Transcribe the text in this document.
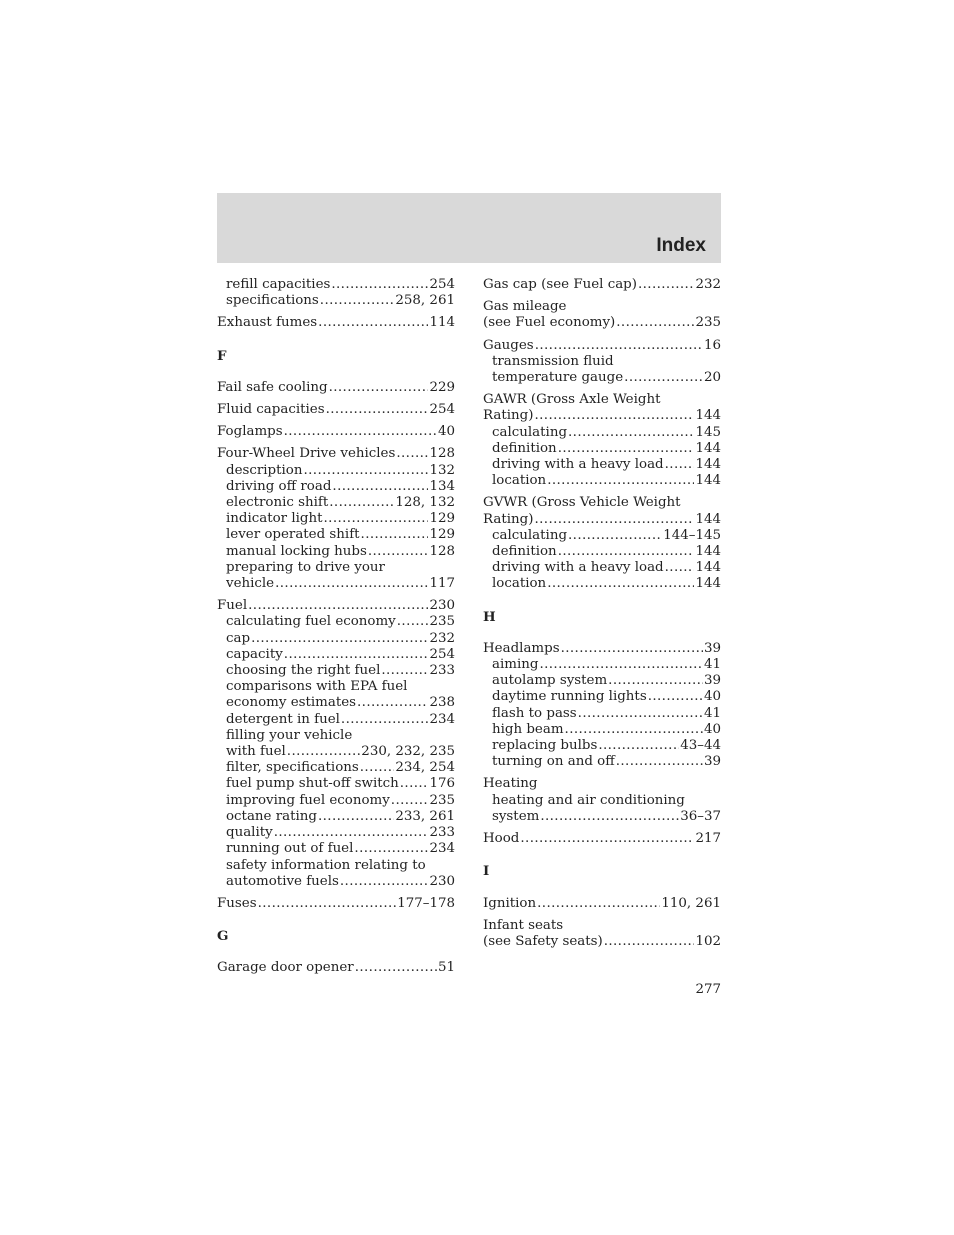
Index
refill capacities .....	254
specifications .....	258, 261
Exhaust fumes .....	114
F
Fail safe cooling .....	229
Fluid capacities .....	254
Foglamps .....	40
Four-Wheel Drive vehicles .....	128
description .....	132
driving off road .....	134
electronic shift .....	128, 132
indicator light .....	129
lever operated shift .....	129
manual locking hubs .....	128
preparing to drive your
vehicle .....	117
Fuel .....	230
calculating fuel economy .....	235
cap .....	232
capacity .....	254
choosing the right fuel .....	233
comparisons with EPA fuel
economy estimates .....	238
detergent in fuel .....	234
filling your vehicle
with fuel .....	230, 232, 235
filter, specifications .....	234, 254
fuel pump shut-off switch ..... 176
improving fuel economy .....	235
octane rating .....	233, 261
quality .....	233
running out of fuel .....	234
safety information relating to
automotive fuels .....	230
Fuses .....	177–178
G
Garage door opener .....	51
Gas cap (see Fuel cap) .....	232
Gas mileage
(see Fuel economy) .....	235
Gauges .....	16
transmission fluid
temperature gauge .....	20
GAWR (Gross Axle Weight
Rating) .....	144
calculating .....	145
definition .....	144
driving with a heavy load ..... 144
location .....	144
GVWR (Gross Vehicle Weight
Rating) .....	144
calculating .....	144–145
definition .....	144
driving with a heavy load ..... 144
location .....	144
H
Headlamps .....	39
aiming .....	41
autolamp system .....	39
daytime running lights .....	40
flash to pass .....	41
high beam .....	40
replacing bulbs .....	43–44
turning on and off .....	39
Heating
heating and air conditioning
system .....	36–37
Hood .....	217
I
Ignition .....	110, 261
Infant seats
(see Safety seats) .....	102
277
